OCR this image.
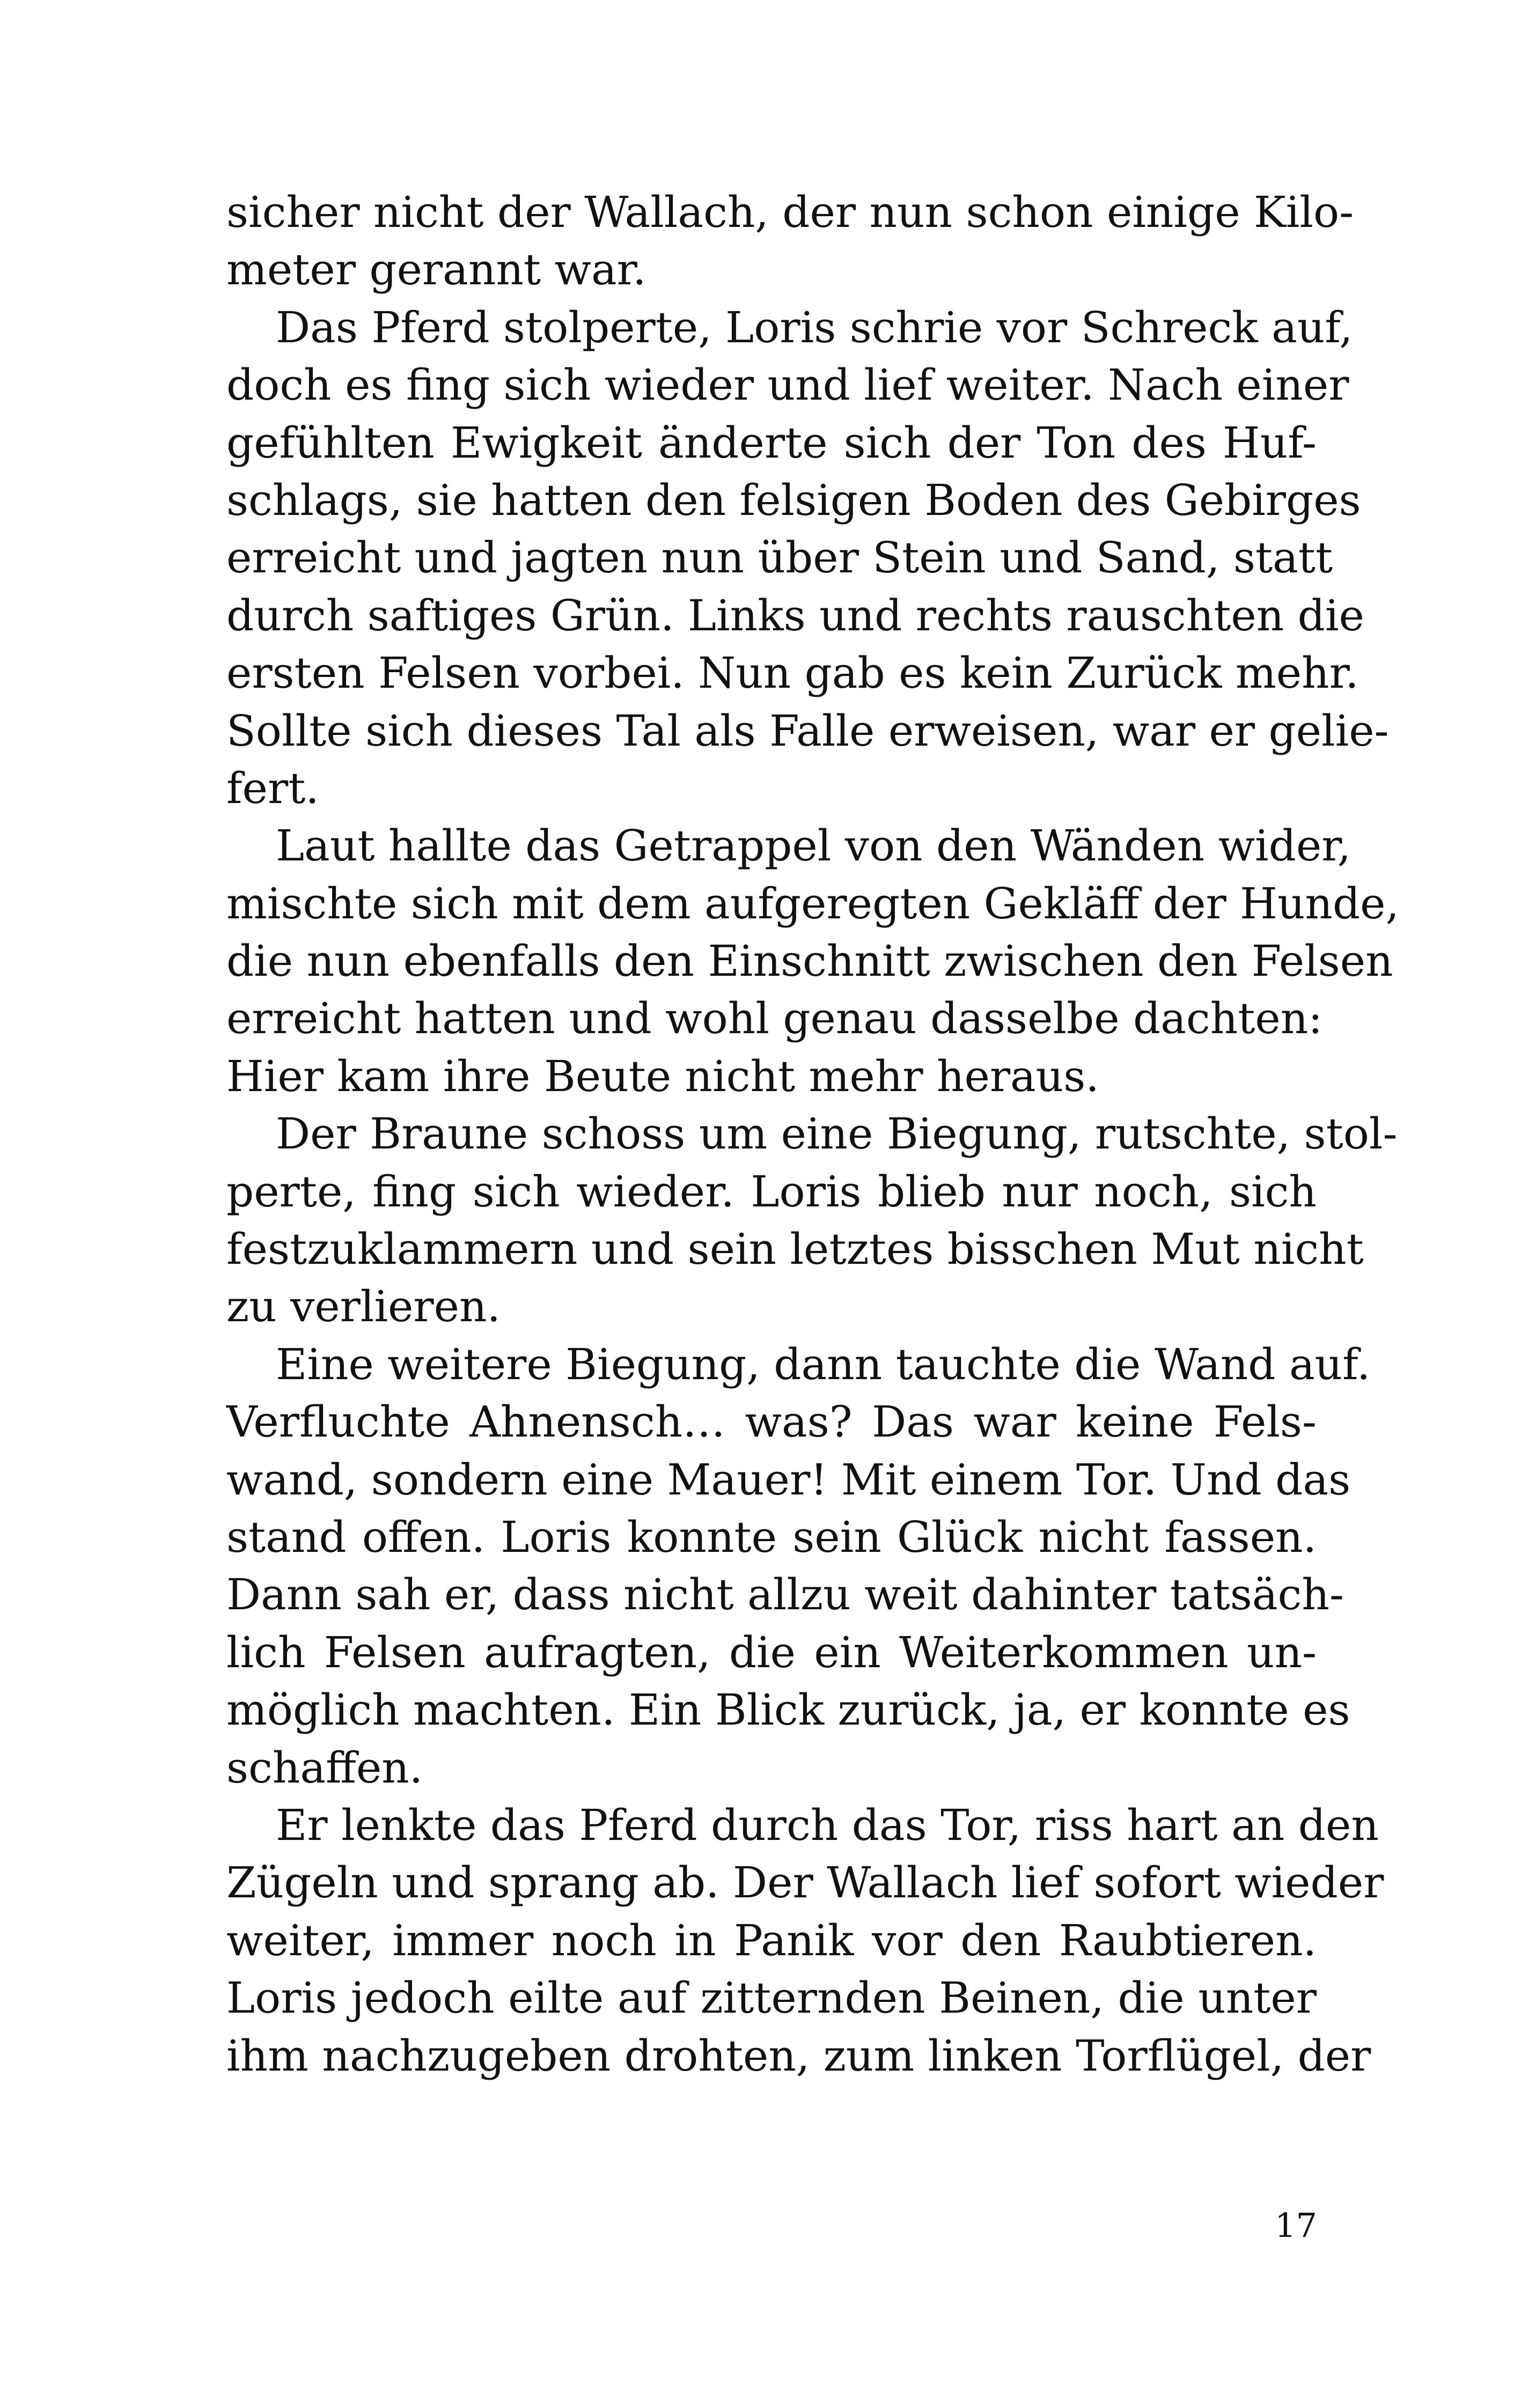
sicher nicht der Wallach, der nun schon einige Kilo-
meter gerannt war.
Das Pferd stolperte, Loris schrie vor Schreck auf,
doch es fing sich wieder und lief weiter. Nach einer
gefühlten Ewigkeit änderte sich der Ton des Huf-
schlags, sie hatten den felsigen Boden des Gebirges
erreicht und jagten nun über Stein und Sand, statt
durch saftiges Grün. Links und rechts rauschten die
ersten Felsen vorbei. Nun gab es kein Zurück mehr.
Sollte sich dieses Tal als Falle erweisen, war er gelie-
fert.
Laut hallte das Getrappel von den Wänden wider,
mischte sich mit dem aufgeregten Gekläff der Hunde,
die nun ebenfalls den Einschnitt zwischen den Felsen
erreicht hatten und wohl genau dasselbe dachten:
Hier kam ihre Beute nicht mehr heraus.
Der Braune schoss um eine Biegung, rutschte, stol-
perte, fing sich wieder. Loris blieb nur noch, sich
festzuklammern und sein letztes bisschen Mut nicht
zu verlieren.
Eine weitere Biegung, dann tauchte die Wand auf.
Verfluchte Ahnensch… was? Das war keine Fels-
wand, sondern eine Mauer! Mit einem Tor. Und das
stand offen. Loris konnte sein Glück nicht fassen.
Dann sah er, dass nicht allzu weit dahinter tatsäch-
lich Felsen aufragten, die ein Weiterkommen un-
möglich machten. Ein Blick zurück, ja, er konnte es
schaffen.
Er lenkte das Pferd durch das Tor, riss hart an den
Zügeln und sprang ab. Der Wallach lief sofort wieder
weiter, immer noch in Panik vor den Raubtieren.
Loris jedoch eilte auf zitternden Beinen, die unter
ihm nachzugeben drohten, zum linken Torflügel, der
17
